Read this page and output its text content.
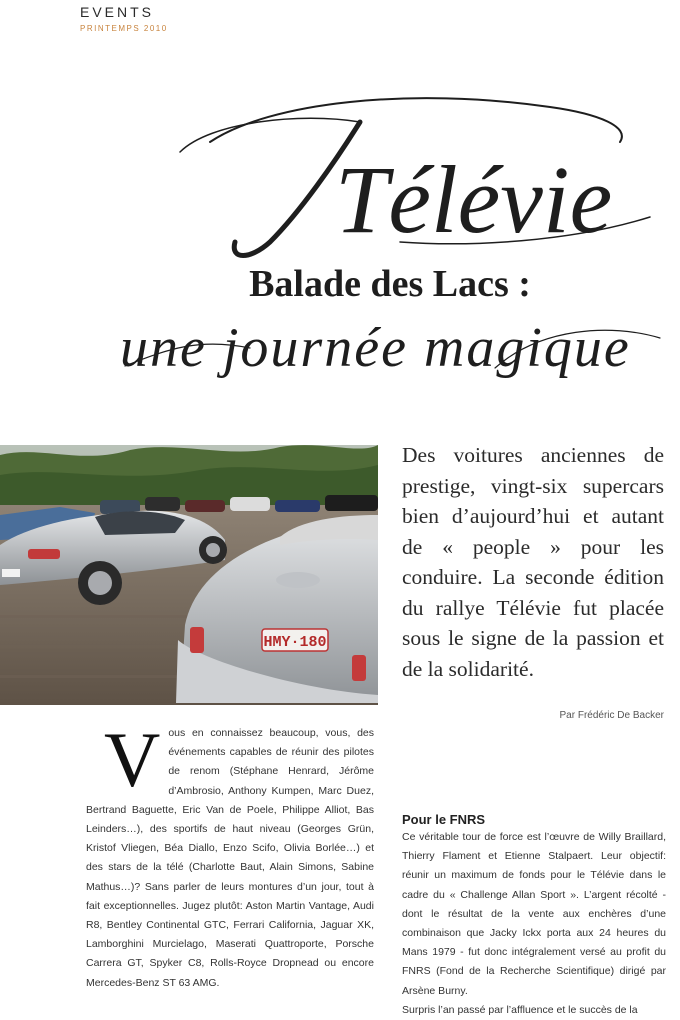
EVENTS
PRINTEMPS 2010
Télévie
Balade des Lacs :
une journée magique
HMY·180
Des voitures anciennes de prestige, vingt-six supercars bien d’aujourd’hui et autant de « people » pour les conduire. La seconde édition du rallye Télévie fut placée sous le signe de la passion et de la solidarité.
Par Frédéric De Backer
V ous en connaissez beaucoup, vous, des événements capables de réunir des pilotes de renom (Stéphane Henrard, Jérôme d’Ambrosio, Anthony Kumpen, Marc Duez, Bertrand Baguette, Eric Van de Poele, Philippe Alliot, Bas Leinders…), des sportifs de haut niveau (Georges Grün, Kristof Vliegen, Béa Diallo, Enzo Scifo, Olivia Borlée…) et des stars de la télé (Charlotte Baut, Alain Simons, Sabine Mathus…)? Sans parler de leurs montures d’un jour, tout à fait exceptionnelles. Jugez plutôt: Aston Martin Vantage, Audi R8, Bentley Continental GTC, Ferrari California, Jaguar XK, Lamborghini Murcielago, Maserati Quattroporte, Porsche Carrera GT, Spyker C8, Rolls-Royce Dropnead ou encore Mercedes-Benz ST 63 AMG.
Pour le FNRS
Ce véritable tour de force est l’œuvre de Willy Braillard, Thierry Flament et Etienne Stalpaert. Leur objectif: réunir un maximum de fonds pour le Télévie dans le cadre du « Challenge Allan Sport ». L’argent récolté - dont le résultat de la vente aux enchères d’une combinaison que Jacky Ickx porta aux 24 heures du Mans 1979 - fut donc intégralement versé au profit du FNRS (Fond de la Recherche Scientifique) dirigé par Arsène Burny.
Surpris l’an passé par l’affluence et le succès de la
